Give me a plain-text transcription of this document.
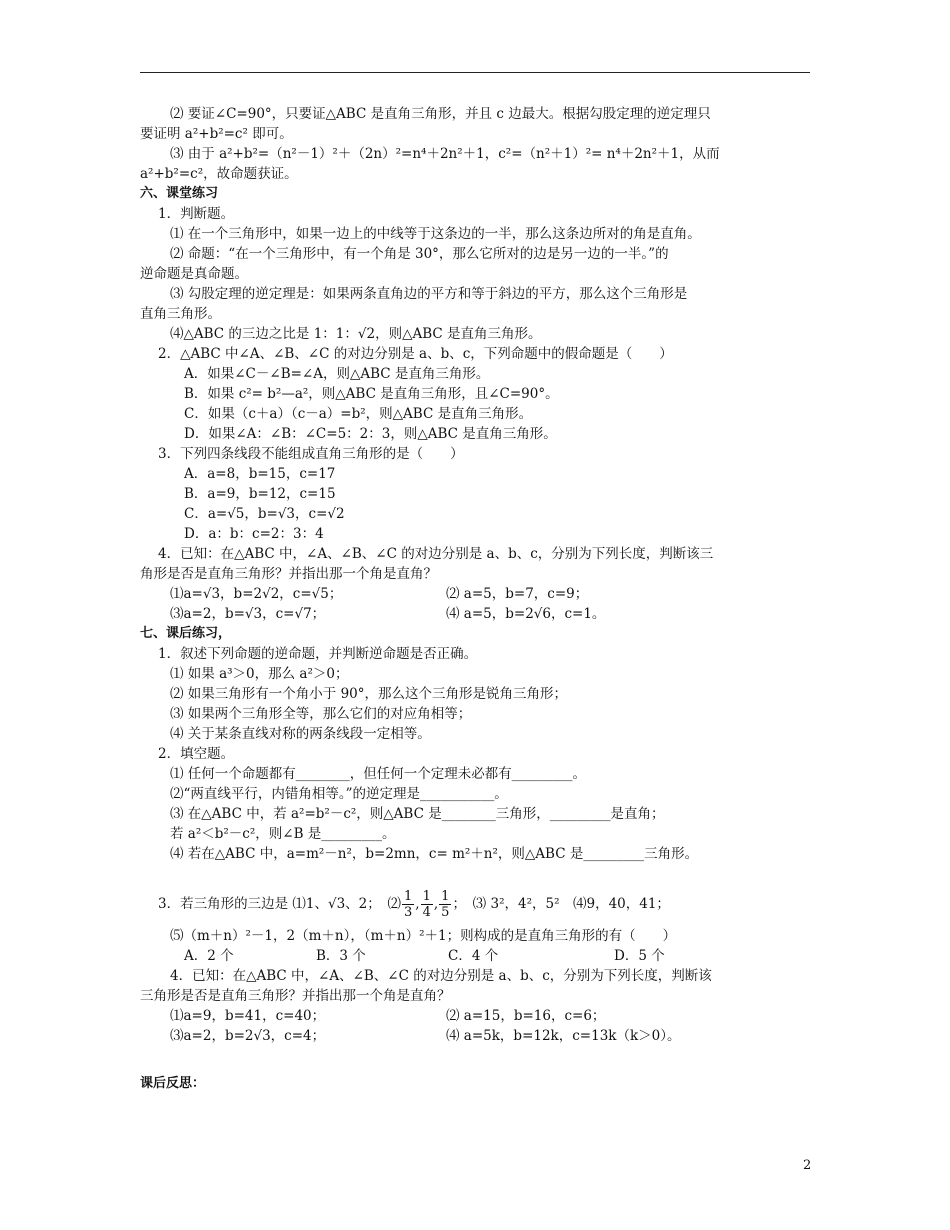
⑵ 要证∠C=90°，只要证△ABC 是直角三角形，并且 c 边最大。根据勾股定理的逆定理只
要证明 a²+b²=c² 即可。
⑶ 由于 a²+b²=（n²－1）²＋（2n）²=n⁴＋2n²＋1，c²=（n²＋1）²= n⁴＋2n²＋1，从而
a²+b²=c²，故命题获证。
六、课堂练习
1．判断题。
⑴ 在一个三角形中，如果一边上的中线等于这条边的一半，那么这条边所对的角是直角。
⑵ 命题：“在一个三角形中，有一个角是 30°，那么它所对的边是另一边的一半。”的
逆命题是真命题。
⑶ 勾股定理的逆定理是：如果两条直角边的平方和等于斜边的平方，那么这个三角形是
直角三角形。
⑷△ABC 的三边之比是 1：1：√2，则△ABC 是直角三角形。
2．△ABC 中∠A、∠B、∠C 的对边分别是 a、b、c，下列命题中的假命题是（　　）
A．如果∠C－∠B=∠A，则△ABC 是直角三角形。
B．如果 c²= b²—a²，则△ABC 是直角三角形，且∠C=90°。
C．如果（c＋a）（c－a）=b²，则△ABC 是直角三角形。
D．如果∠A：∠B：∠C=5：2：3，则△ABC 是直角三角形。
3．下列四条线段不能组成直角三角形的是（　　）
A．a=8，b=15，c=17
B．a=9，b=12，c=15
C．a=√5，b=√3，c=√2
D．a：b：c=2：3：4
4．已知：在△ABC 中，∠A、∠B、∠C 的对边分别是 a、b、c，分别为下列长度，判断该三
角形是否是直角三角形？并指出那一个角是直角？
⑴a=√3，b=2√2，c=√5；	⑵ a=5，b=7，c=9；
⑶a=2，b=√3，c=√7；	⑷ a=5，b=2√6，c=1。
七、课后练习，
1．叙述下列命题的逆命题，并判断逆命题是否正确。
⑴ 如果 a³＞0，那么 a²＞0；
⑵ 如果三角形有一个角小于 90°，那么这个三角形是锐角三角形；
⑶ 如果两个三角形全等，那么它们的对应角相等；
⑷ 关于某条直线对称的两条线段一定相等。
2．填空题。
⑴ 任何一个命题都有________，但任何一个定理未必都有_________。
⑵“两直线平行，内错角相等。”的逆定理是___________。
⑶ 在△ABC 中，若 a²=b²－c²，则△ABC 是________三角形，_________是直角；
若 a²＜b²－c²，则∠B 是_________。
⑷ 若在△ABC 中，a=m²－n²，b=2mn，c= m²＋n²，则△ABC 是_________三角形。
3．若三角形的三边是 ⑴1、√3、2；　⑵ $\frac{1}{3}$ , $\frac{1}{4}$ , $\frac{1}{5}$ ；　⑶ 3²，4²，5²　⑷9，40，41；
⑸（m＋n）²－1，2（m＋n），（m＋n）²＋1；则构成的是直角三角形的有（　　）
A．2 个	B．3 个	C．4 个	D．5 个
4．已知：在△ABC 中，∠A、∠B、∠C 的对边分别是 a、b、c，分别为下列长度，判断该
三角形是否是直角三角形？并指出那一个角是直角？
⑴a=9，b=41，c=40；	⑵ a=15，b=16，c=6；
⑶a=2，b=2√3，c=4；	⑷ a=5k，b=12k，c=13k（k＞0）。
课后反思：
2
